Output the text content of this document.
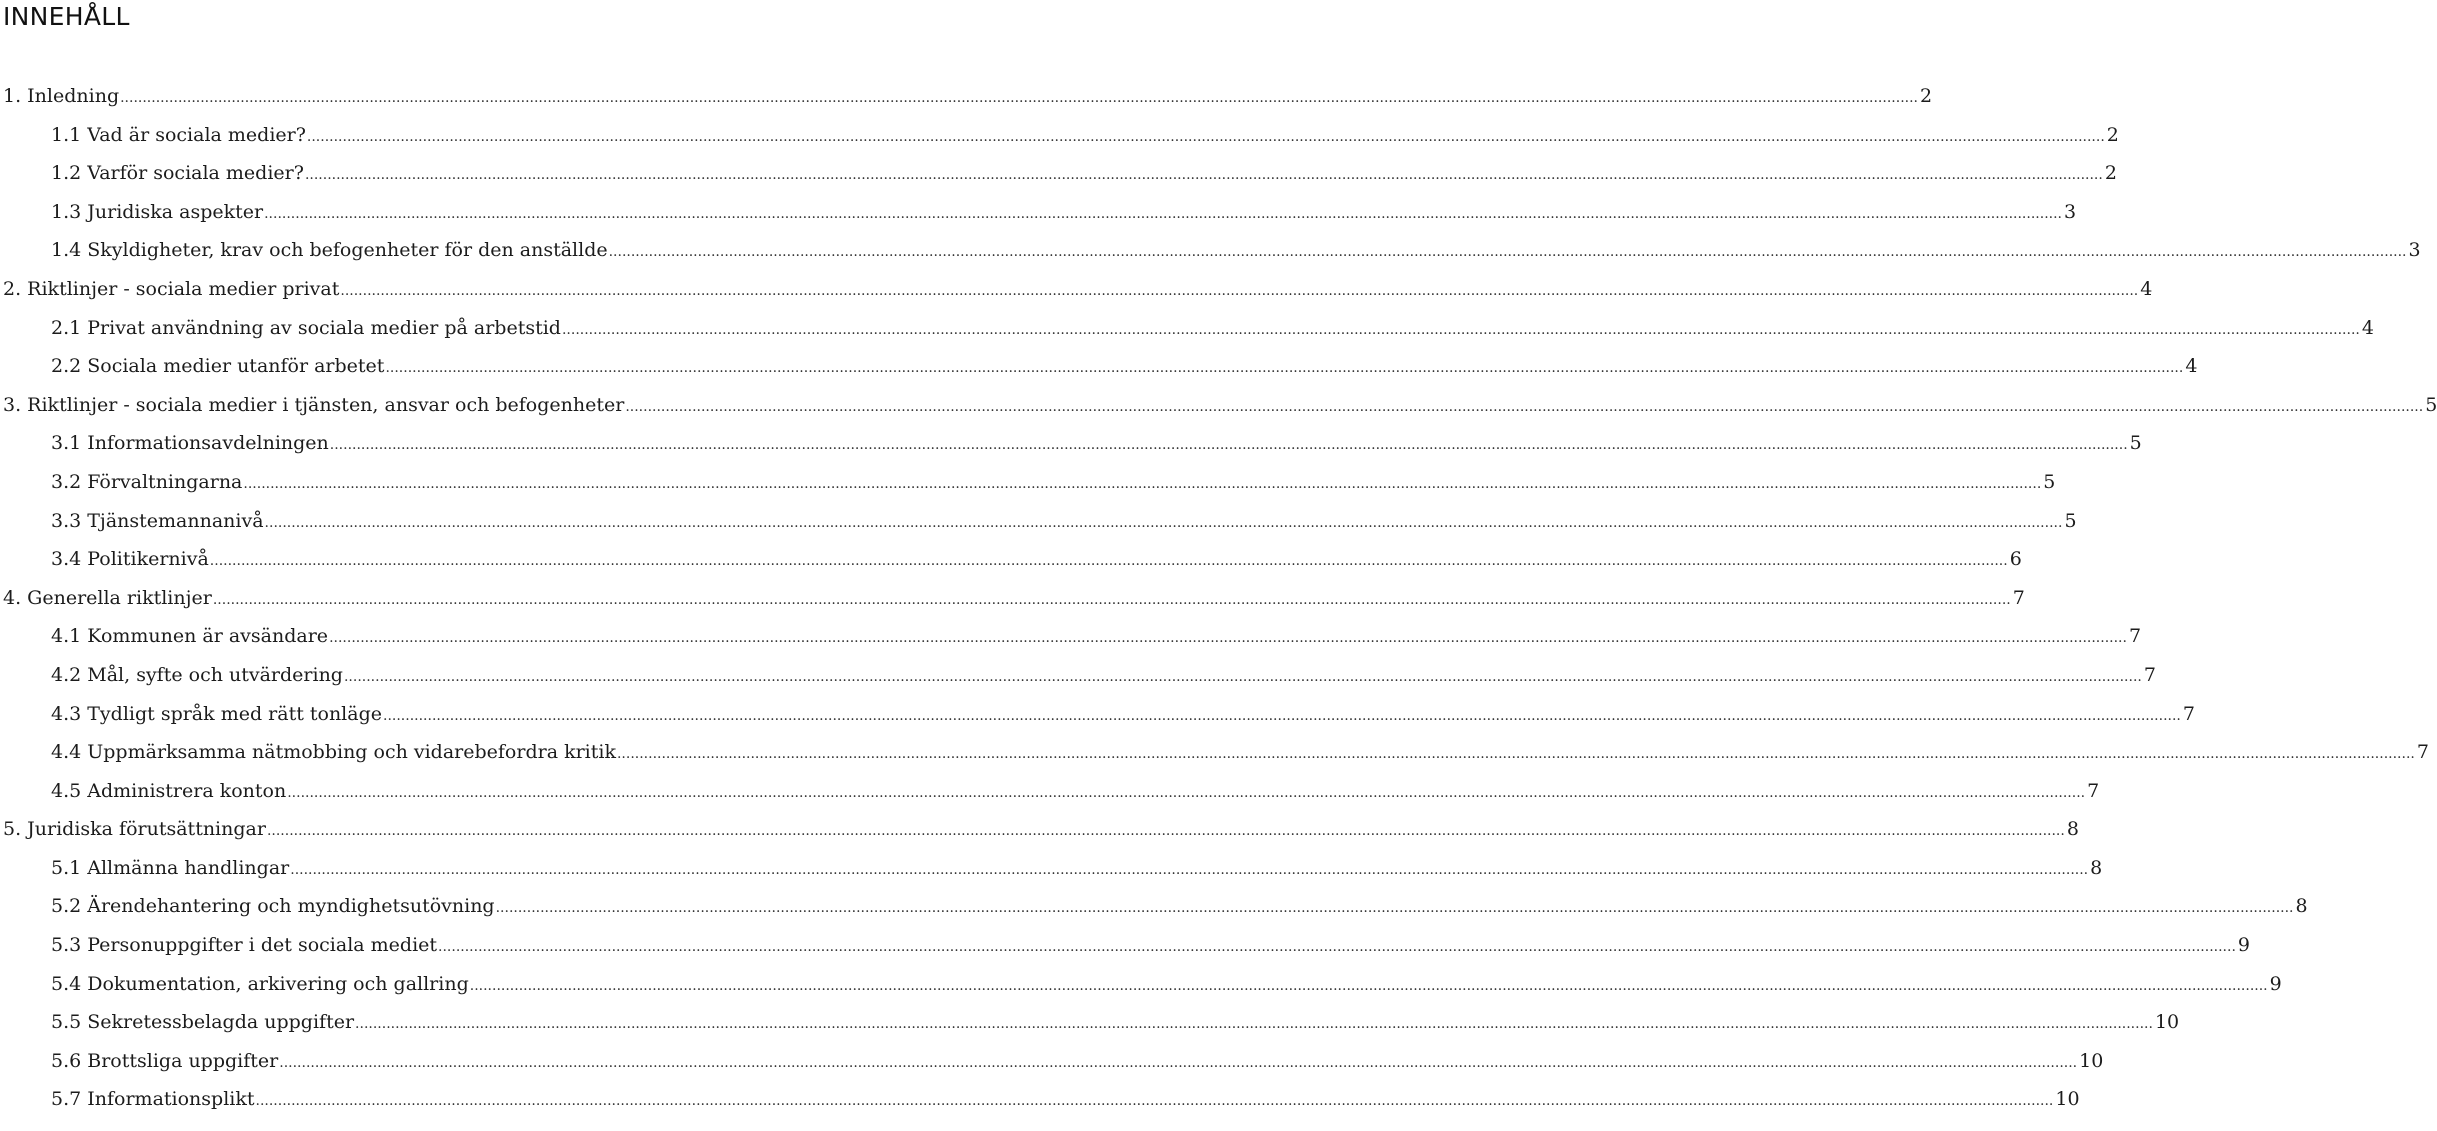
INNEHÅLL
1. Inledning .....	2
1.1 Vad är sociala medier? .....	2
1.2 Varför sociala medier? .....	2
1.3 Juridiska aspekter .....	3
1.4 Skyldigheter, krav och befogenheter för den anställde .....	3
2. Riktlinjer - sociala medier privat .....	4
2.1 Privat användning av sociala medier på arbetstid .....	4
2.2 Sociala medier utanför arbetet .....	4
3. Riktlinjer - sociala medier i tjänsten, ansvar och befogenheter .....	5
3.1 Informationsavdelningen .....	5
3.2 Förvaltningarna .....	5
3.3 Tjänstemannanivå .....	5
3.4 Politikernivå .....	6
4. Generella riktlinjer .....	7
4.1 Kommunen är avsändare .....	7
4.2 Mål, syfte och utvärdering .....	7
4.3 Tydligt språk med rätt tonläge .....	7
4.4 Uppmärksamma nätmobbing och vidarebefordra kritik .....	7
4.5 Administrera konton .....	7
5. Juridiska förutsättningar .....	8
5.1 Allmänna handlingar .....	8
5.2 Ärendehantering och myndighetsutövning .....	8
5.3 Personuppgifter i det sociala mediet .....	9
5.4 Dokumentation, arkivering och gallring .....	9
5.5 Sekretessbelagda uppgifter .....	10
5.6 Brottsliga uppgifter .....	10
5.7 Informationsplikt .....	10
